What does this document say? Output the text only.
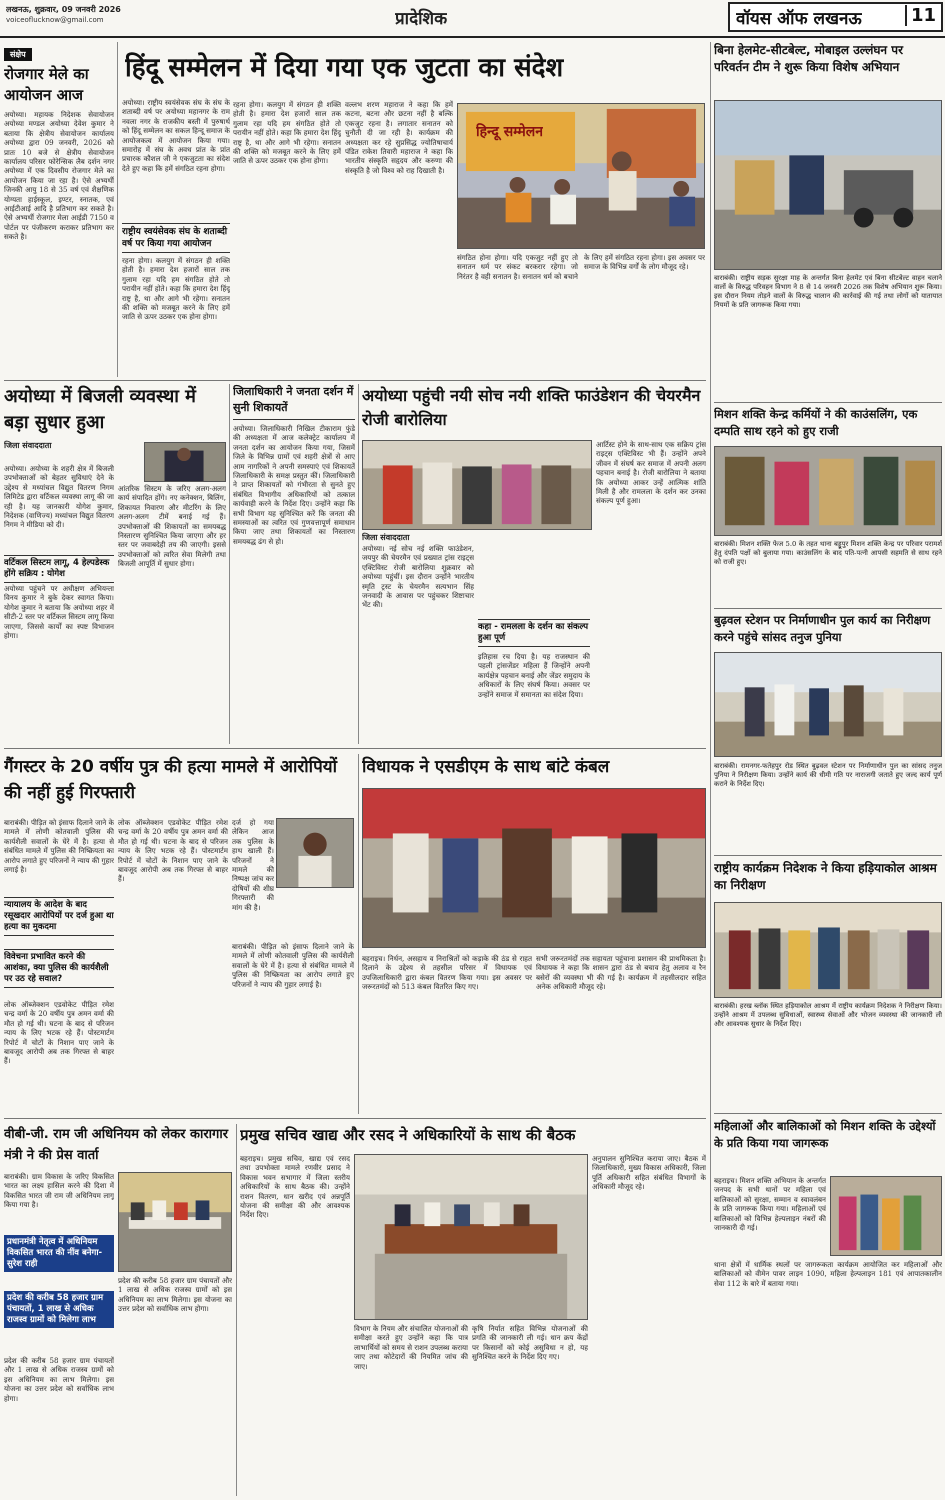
लखनऊ, शुक्रवार, 09 जनवरी 2026
voiceoflucknow@gmail.com	प्रादेशिक	वॉयस ऑफ लखनऊ	11
संक्षेप
रोजगार मेले का आयोजन आज
अयोध्या। महायक निदेशक सेवायोजन अयोध्या मण्डल अयोध्या देवेश कुमार ने बताया कि क्षेत्रीय सेवायोजन कार्यालय अयोध्या द्वारा 09 जनवरी, 2026 को प्रातः 10 बजे से क्षेत्रीय सेवायोजन कार्यालय परिसर फोरेन्सिक लैब दर्शन नगर अयोध्या में एक दिवसीय रोजगार मेले का आयोजन किया जा रहा है। ऐसे अभ्यर्थी जिनकी आयु 18 से 35 वर्ष एवं शैक्षणिक योग्यता हाईस्कूल, इण्टर, स्नातक, एवं आईटीआई आदि है प्रतिभाग कर सकते है। ऐसे अभ्यर्थी रोजगार मेला आईडी 7150 व पोर्टल पर पंजीकरण कराकर प्रतिभाग कर सकते है।
हिंदू सम्मेलन में दिया गया एक जुटता का संदेश
अयोध्या। राष्ट्रीय स्वयंसेवक संघ के संघ के शताब्दी वर्ष पर अयोध्या महानगर के राम नवला नगर के राजकीय बस्ती में पुरुषार्थ को हिंदू सम्मेलन का सकल हिन्दू समाज के आयोजकत्व में आयोजन किया गया। समारोह में संघ के अवध प्रांत के प्रांत प्रचारक कौशल जी ने एकजुटता का संदेश देते हुए कहा कि हमें संगठित रहना होगा।
राष्ट्रीय स्वयंसेवक संघ के शताब्दी वर्ष पर किया गया आयोजन
रहना होगा। कलयुग में संगठन ही शक्ति होती है। हमारा देश हजारों साल तक गुलाम रहा यदि हम संगठित होते तो परायीन नहीं होते। कहा कि हमारा देश हिंदू राष्ट्र है, था और आगे भी रहेगा। सनातन की शक्ति को मजबूत करने के लिए हमें जाति से ऊपर उठकर एक होना होगा।
रहना होगा। कलयुग में संगठन ही शक्ति होती है। हमारा देश हजारों साल तक गुलाम रहा यदि हम संगठित होते तो परायीन नहीं होते। कहा कि हमारा देश हिंदू राष्ट्र है, था और आगे भी रहेगा। सनातन की शक्ति को मजबूत करने के लिए हमें जाति से ऊपर उठकर एक होना होगा।
वल्लभ शरण महाराज ने कहा कि हमें कटना, बटना और छटना नहीं है बल्कि एकजुट रहना है। लगातार सनातन को चुनौती दी जा रही है। कार्यक्रम की अध्यक्षता कर रहे सुप्रसिद्ध ज्योतिषाचार्य पंडित राकेश तिवारी महाराज ने कहा कि भारतीय संस्कृति सहृदय और करुणा की संस्कृति है जो विश्व को राह दिखाती है।
हिन्दू सम्मेलन
संगठित होना होगा। यदि एकजुट नहीं हुए तो सनातन धर्म पर संकट बरकरार रहेगा। जो निरंतर है वही सनातन है। सनातन धर्म को बचाने के लिए हमें संगठित रहना होगा। इस अवसर पर समाज के विभिन्न वर्गों के लोग मौजूद रहे।
बिना हेलमेट-सीटबेल्ट, मोबाइल उल्लंघन पर परिवर्तन टीम ने शुरू किया विशेष अभियान
बाराबंकी। राष्ट्रीय सड़क सुरक्षा माह के अन्तर्गत बिना हेलमेट एवं बिना सीटबेल्ट वाहन चलाने वालों के विरुद्ध परिवहन विभाग ने 8 से 14 जनवरी 2026 तक विशेष अभियान शुरू किया। इस दौरान नियम तोड़ने वालों के विरुद्ध चालान की कार्रवाई की गई तथा लोगों को यातायात नियमों के प्रति जागरूक किया गया।
मिशन शक्ति केन्द्र कर्मियों ने की काउंसलिंग, एक दम्पति साथ रहने को हुए राजी
बाराबंकी। मिशन शक्ति फेज 5.0 के तहत थाना बड्डूपुर मिशन शक्ति केन्द्र पर परिवार परामर्श हेतु दंपति पक्षों को बुलाया गया। काउंसलिंग के बाद पति-पत्नी आपसी सहमति से साथ रहने को राजी हुए।
बुढ़वल स्टेशन पर निर्माणाधीन पुल कार्य का निरीक्षण करने पहुंचे सांसद तनुज पुनिया
बाराबंकी। रामनगर-फतेहपुर रोड स्थित बुढ़वल स्टेशन पर निर्माणाधीन पुल का सांसद तनुज पुनिया ने निरीक्षण किया। उन्होंने कार्य की धीमी गति पर नाराजगी जताते हुए जल्द कार्य पूर्ण कराने के निर्देश दिए।
राष्ट्रीय कार्यक्रम निदेशक ने किया हड़ियाकोल आश्रम का निरीक्षण
बाराबंकी। हरख ब्लॉक स्थित हड़ियाकोल आश्रम में राष्ट्रीय कार्यक्रम निदेशक ने निरीक्षण किया। उन्होंने आश्रम में उपलब्ध सुविधाओं, स्वास्थ्य सेवाओं और भोजन व्यवस्था की जानकारी ली और आवश्यक सुधार के निर्देश दिए।
महिलाओं और बालिकाओं को मिशन शक्ति के उद्देश्यों के प्रति किया गया जागरूक
बहराइच। मिशन शक्ति अभियान के अन्तर्गत जनपद के सभी थानों पर महिला एवं बालिकाओं को सुरक्षा, सम्मान व स्वावलंबन के प्रति जागरूक किया गया। महिलाओं एवं बालिकाओं को विभिन्न हेल्पलाइन नंबरों की जानकारी दी गई।
थाना क्षेत्रों में धार्मिक स्थलों पर जागरूकता कार्यक्रम आयोजित कर महिलाओं और बालिकाओं को वीमेन पावर लाइन 1090, महिला हेल्पलाइन 181 एवं आपातकालीन सेवा 112 के बारे में बताया गया।
अयोध्या में बिजली व्यवस्था में बड़ा सुधार हुआ
जिला संवाददाता
अयोध्या। अयोध्या के शहरी क्षेत्र में बिजली उपभोक्ताओं को बेहतर सुविधाएं देने के उद्देश्य से मध्यांचल विद्युत वितरण निगम लिमिटेड द्वारा वर्टिकल व्यवस्था लागू की जा रही है। यह जानकारी योगेश कुमार, निदेशक (वाणिज्य) मध्यांचल विद्युत वितरण निगम ने मीडिया को दी।
वर्टिकल सिस्टम लागू, 4 हेल्पडेस्क होंगे सक्रिय : योगेश
अयोध्या पहुंचने पर अधीक्षण अभियन्ता विनय कुमार ने बुके देकर स्वागत किया। योगेश कुमार ने बताया कि अयोध्या शहर में सीटी-2 स्तर पर वर्टिकल सिस्टम लागू किया जाएगा, जिससे कार्यों का स्पष्ट विभाजन होगा।
आंतरिक सिस्टम के जरिए अलग-अलग कार्य संपादित होंगे। नए कनेक्शन, बिलिंग, शिकायत निवारण और मीटरिंग के लिए अलग-अलग टीमें बनाई गई हैं। उपभोक्ताओं की शिकायतों का समयबद्ध निस्तारण सुनिश्चित किया जाएगा और हर स्तर पर जवाबदेही तय की जाएगी। इससे उपभोक्ताओं को त्वरित सेवा मिलेगी तथा बिजली आपूर्ति में सुधार होगा।
जिलाधिकारी ने जनता दर्शन में सुनी शिकायतें
अयोध्या। जिलाधिकारी निखिल टीकाराम फुंडे की अध्यक्षता में आज कलेक्ट्रेट कार्यालय में जनता दर्शन का आयोजन किया गया, जिसमें जिले के विभिन्न ग्रामों एवं शहरी क्षेत्रों से आए आम नागरिकों ने अपनी समस्याएं एवं शिकायतें जिलाधिकारी के समक्ष प्रस्तुत कीं। जिलाधिकारी ने प्राप्त शिकायतों को गंभीरता से सुनते हुए संबंधित विभागीय अधिकारियों को तत्काल कार्यवाही करने के निर्देश दिए। उन्होंने कहा कि सभी विभाग यह सुनिश्चित करें कि जनता की समस्याओं का त्वरित एवं गुणवत्तापूर्ण समाधान किया जाए तथा शिकायतों का निस्तारण समयबद्ध ढंग से हो।
अयोध्या पहुंची नयी सोच नयी शक्ति फाउंडेशन की चेयरमैन रोजी बारोलिया
जिला संवाददाता
अयोध्या। नई सोच नई शक्ति फाउंडेशन, जयपुर की चेयरमैन एवं प्रख्यात ट्रांस राइट्स एक्टिविस्ट रोजी बारोलिया शुक्रवार को अयोध्या पहुंचीं। इस दौरान उन्होंने भारतीय स्मृति ट्रस्ट के चेयरमैन सत्यभान सिंह जनवादी के आवास पर पहुंचकर शिष्टाचार भेंट की।
कहा - रामलला के दर्शन का संकल्प हुआ पूर्ण
इतिहास रच दिया है। यह राजस्थान की पहली ट्रांसजेंडर महिला हैं जिन्होंने अपनी कार्यक्षेत्र पहचान बनाई और जेंडर समुदाय के अधिकारों के लिए संघर्ष किया। अवसर पर उन्होंने समाज में समानता का संदेश दिया।
आर्टिस्ट होने के साथ-साथ एक सक्रिय ट्रांस राइट्स एक्टिविस्ट भी हैं। उन्होंने अपने जीवन में संघर्ष कर समाज में अपनी अलग पहचान बनाई है। रोजी बारोलिया ने बताया कि अयोध्या आकर उन्हें आत्मिक शांति मिली है और रामलला के दर्शन कर उनका संकल्प पूर्ण हुआ।
गैंगस्टर के 20 वर्षीय पुत्र की हत्या मामले में आरोपियों की नहीं हुई गिरफ्तारी
बाराबंकी। पीड़ित को इंसाफ दिलाने जाने के मामले में लोणी कोतवाली पुलिस की कार्यशैली सवालों के घेरे में है। हत्या से संबंधित मामले में पुलिस की निष्क्रियता का आरोप लगाते हुए परिजनों ने न्याय की गुहार लगाई है।
न्यायालय के आदेश के बाद रसूखदार आरोपियों पर दर्ज हुआ था हत्या का मुकदमा
विवेचना प्रभावित करने की आशंका, क्या पुलिस की कार्यशैली पर उठ रहे सवाल?
लोक ऑब्जेक्शन एडवोकेट पीड़ित रमेश चन्द्र वर्मा के 20 वर्षीय पुत्र अमन वर्मा की मौत हो गई थी। घटना के बाद से परिजन न्याय के लिए भटक रहे हैं। पोस्टमार्टम रिपोर्ट में चोटों के निशान पाए जाने के बावजूद आरोपी अब तक गिरफ्त से बाहर हैं।
लोक ऑब्जेक्शन एडवोकेट पीड़ित रमेश चन्द्र वर्मा के 20 वर्षीय पुत्र अमन वर्मा की मौत हो गई थी। घटना के बाद से परिजन न्याय के लिए भटक रहे हैं। पोस्टमार्टम रिपोर्ट में चोटों के निशान पाए जाने के बावजूद आरोपी अब तक गिरफ्त से बाहर हैं।
दर्ज हो गया लेकिन आज तक पुलिस के हाथ खाली हैं। परिजनों ने मामले की निष्पक्ष जांच कर दोषियों की शीघ्र गिरफ्तारी की मांग की है।
बाराबंकी। पीड़ित को इंसाफ दिलाने जाने के मामले में लोणी कोतवाली पुलिस की कार्यशैली सवालों के घेरे में है। हत्या से संबंधित मामले में पुलिस की निष्क्रियता का आरोप लगाते हुए परिजनों ने न्याय की गुहार लगाई है।
विधायक ने एसडीएम के साथ बांटे कंबल
बहराइच। निर्धन, असहाय व निराश्रितों को कड़ाके की ठंड से राहत दिलाने के उद्देश्य से तहसील परिसर में विधायक एवं उपजिलाधिकारी द्वारा कंबल वितरण किया गया। इस अवसर पर जरूरतमंदों को 513 कंबल वितरित किए गए।
सभी जरूरतमंदों तक सहायता पहुंचाना प्रशासन की प्राथमिकता है। विधायक ने कहा कि शासन द्वारा ठंड से बचाव हेतु अलाव व रैन बसेरों की व्यवस्था भी की गई है। कार्यक्रम में तहसीलदार सहित अनेक अधिकारी मौजूद रहे।
वीबी-जी. राम जी अधिनियम को लेकर कारागार मंत्री ने की प्रेस वार्ता
बाराबंकी। ग्राम विकास के जरिए विकसित भारत का लक्ष्य हासिल करने की दिशा में विकसित भारत जी राम जी अधिनियम लागू किया गया है।
प्रधानमंत्री नेतृत्व में अधिनियम विकसित भारत की नींव बनेगा-सुरेश राही
प्रदेश की करीब 58 हजार ग्राम पंचायतों, 1 लाख से अधिक राजस्व ग्रामों को मिलेगा लाभ
प्रदेश की करीब 58 हजार ग्राम पंचायतों और 1 लाख से अधिक राजस्व ग्रामों को इस अधिनियम का लाभ मिलेगा। इस योजना का उत्तर प्रदेश को सर्वाधिक लाभ होगा।
प्रदेश की करीब 58 हजार ग्राम पंचायतों और 1 लाख से अधिक राजस्व ग्रामों को इस अधिनियम का लाभ मिलेगा। इस योजना का उत्तर प्रदेश को सर्वाधिक लाभ होगा।
प्रमुख सचिव खाद्य और रसद ने अधिकारियों के साथ की बैठक
बहराइच। प्रमुख सचिव, खाद्य एवं रसद तथा उपभोक्ता मामले रणवीर प्रसाद ने विकास भवन सभागार में जिला स्तरीय अधिकारियों के साथ बैठक की। उन्होंने राशन वितरण, धान खरीद एवं अन्नपूर्ति योजना की समीक्षा की और आवश्यक निर्देश दिए।
विभाग के नियम और संचालित योजनाओं की समीक्षा करते हुए उन्होंने कहा कि पात्र लाभार्थियों को समय से राशन उपलब्ध कराया जाए तथा कोटेदारों की नियमित जांच की जाए।
कृषि निर्यात सहित विभिन्न योजनाओं की प्रगति की जानकारी ली गई। धान क्रय केंद्रों पर किसानों को कोई असुविधा न हो, यह सुनिश्चित करने के निर्देश दिए गए।
अनुपालन सुनिश्चित कराया जाए। बैठक में जिलाधिकारी, मुख्य विकास अधिकारी, जिला पूर्ति अधिकारी सहित संबंधित विभागों के अधिकारी मौजूद रहे।
